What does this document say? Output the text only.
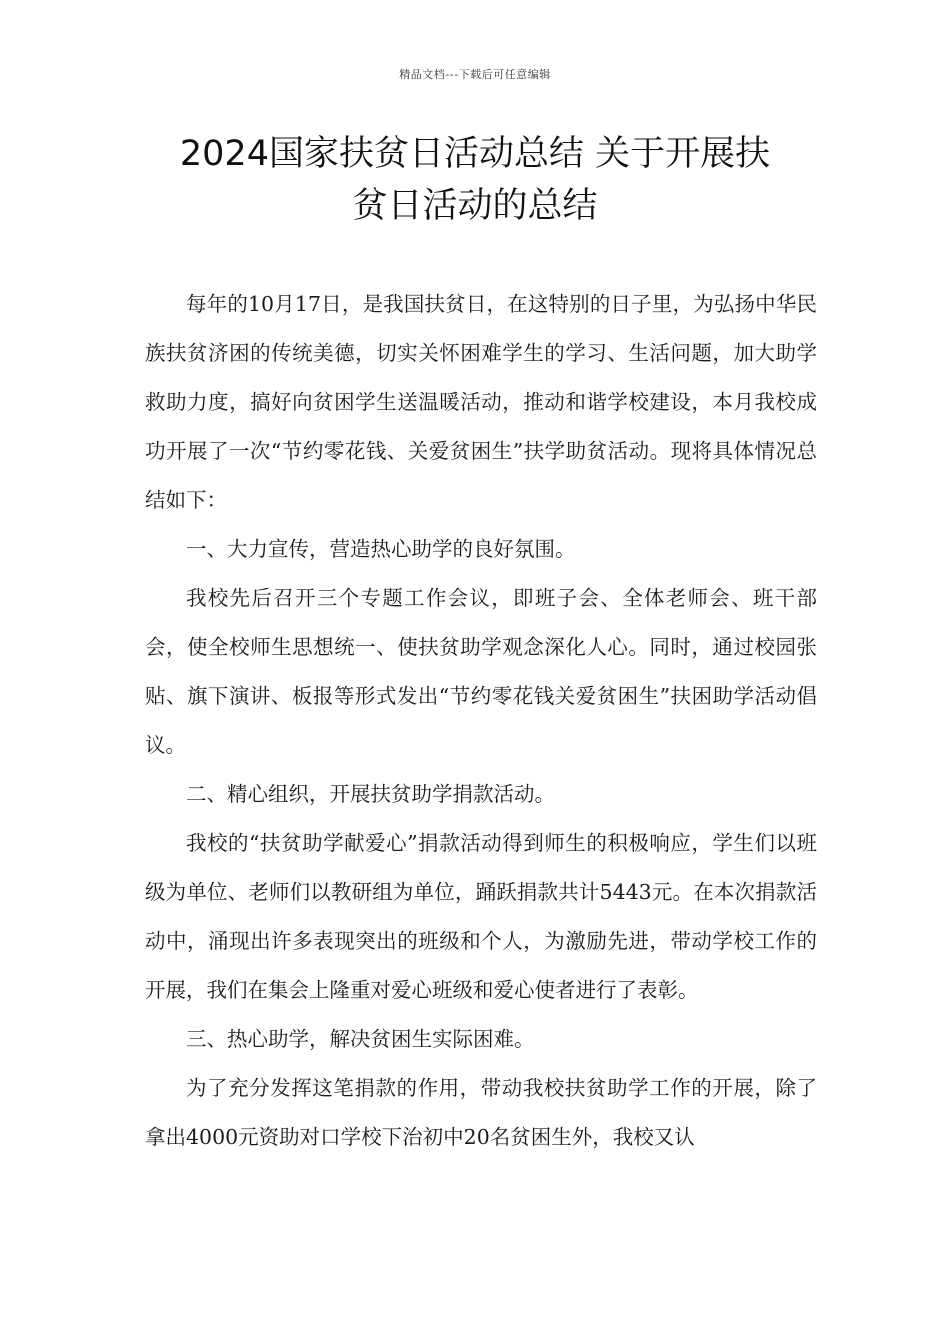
精品文档---下载后可任意编辑
2024国家扶贫日活动总结 关于开展扶
贫日活动的总结

每年的10月17日，是我国扶贫日，在这特别的日子里，为弘扬中华民族扶贫济困的传统美德，切实关怀困难学生的学习、生活问题，加大助学救助力度，搞好向贫困学生送温暖活动，推动和谐学校建设，本月我校成功开展了一次“节约零花钱、关爱贫困生”扶学助贫活动。现将具体情况总结如下：

一、大力宣传，营造热心助学的良好氛围。

我校先后召开三个专题工作会议，即班子会、全体老师会、班干部会，使全校师生思想统一、使扶贫助学观念深化人心。同时，通过校园张贴、旗下演讲、板报等形式发出“节约零花钱关爱贫困生”扶困助学活动倡议。

二、精心组织，开展扶贫助学捐款活动。

我校的“扶贫助学献爱心”捐款活动得到师生的积极响应，学生们以班级为单位、老师们以教研组为单位，踊跃捐款共计5443元。在本次捐款活动中，涌现出许多表现突出的班级和个人，为激励先进，带动学校工作的开展，我们在集会上隆重对爱心班级和爱心使者进行了表彰。

三、热心助学，解决贫困生实际困难。

为了充分发挥这笔捐款的作用，带动我校扶贫助学工作的开展，除了拿出4000元资助对口学校下治初中20名贫困生外，我校又认
